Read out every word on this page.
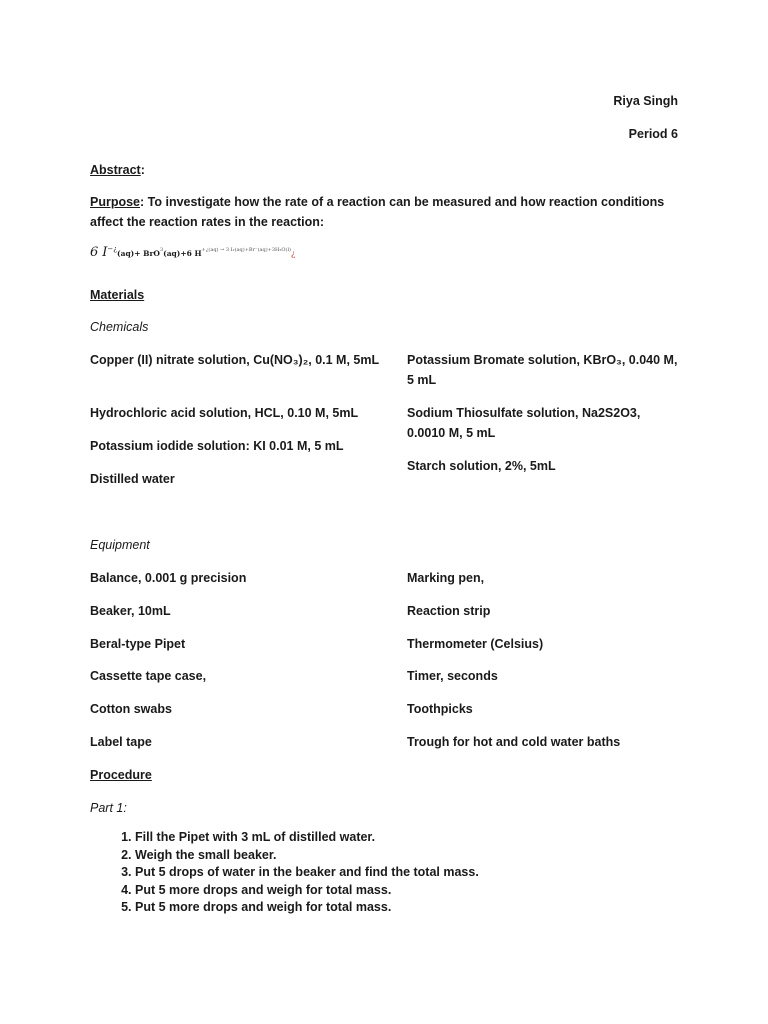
Riya Singh
Period 6
Abstract:
Purpose: To investigate how the rate of a reaction can be measured and how reaction conditions affect the reaction rates in the reaction:
6 I−¿(aq)+ BrO$^3$(aq)+6 $H^{+¿(aq) \to 3 I_2(aq)+Br^-(aq)+3H_2O(l)}¿$
Materials
Chemicals
Copper (II) nitrate solution, Cu(NO₃)₂, 0.1 M, 5mL
Hydrochloric acid solution, HCL, 0.10 M, 5mL
Potassium iodide solution: KI 0.01 M, 5 mL
Distilled water
Potassium Bromate solution, KBrO₃, 0.040 M, 5 mL
Sodium Thiosulfate solution, Na2S2O3, 0.0010 M, 5 mL
Starch solution, 2%, 5mL
Equipment
Balance, 0.001 g precision
Beaker, 10mL
Beral-type Pipet
Cassette tape case,
Cotton swabs
Label tape
Marking pen,
Reaction strip
Thermometer (Celsius)
Timer, seconds
Toothpicks
Trough for hot and cold water baths
Procedure
Part 1:
1. Fill the Pipet with 3 mL of distilled water.
2. Weigh the small beaker.
3. Put 5 drops of water in the beaker and find the total mass.
4. Put 5 more drops and weigh for total mass.
5. Put 5 more drops and weigh for total mass.
